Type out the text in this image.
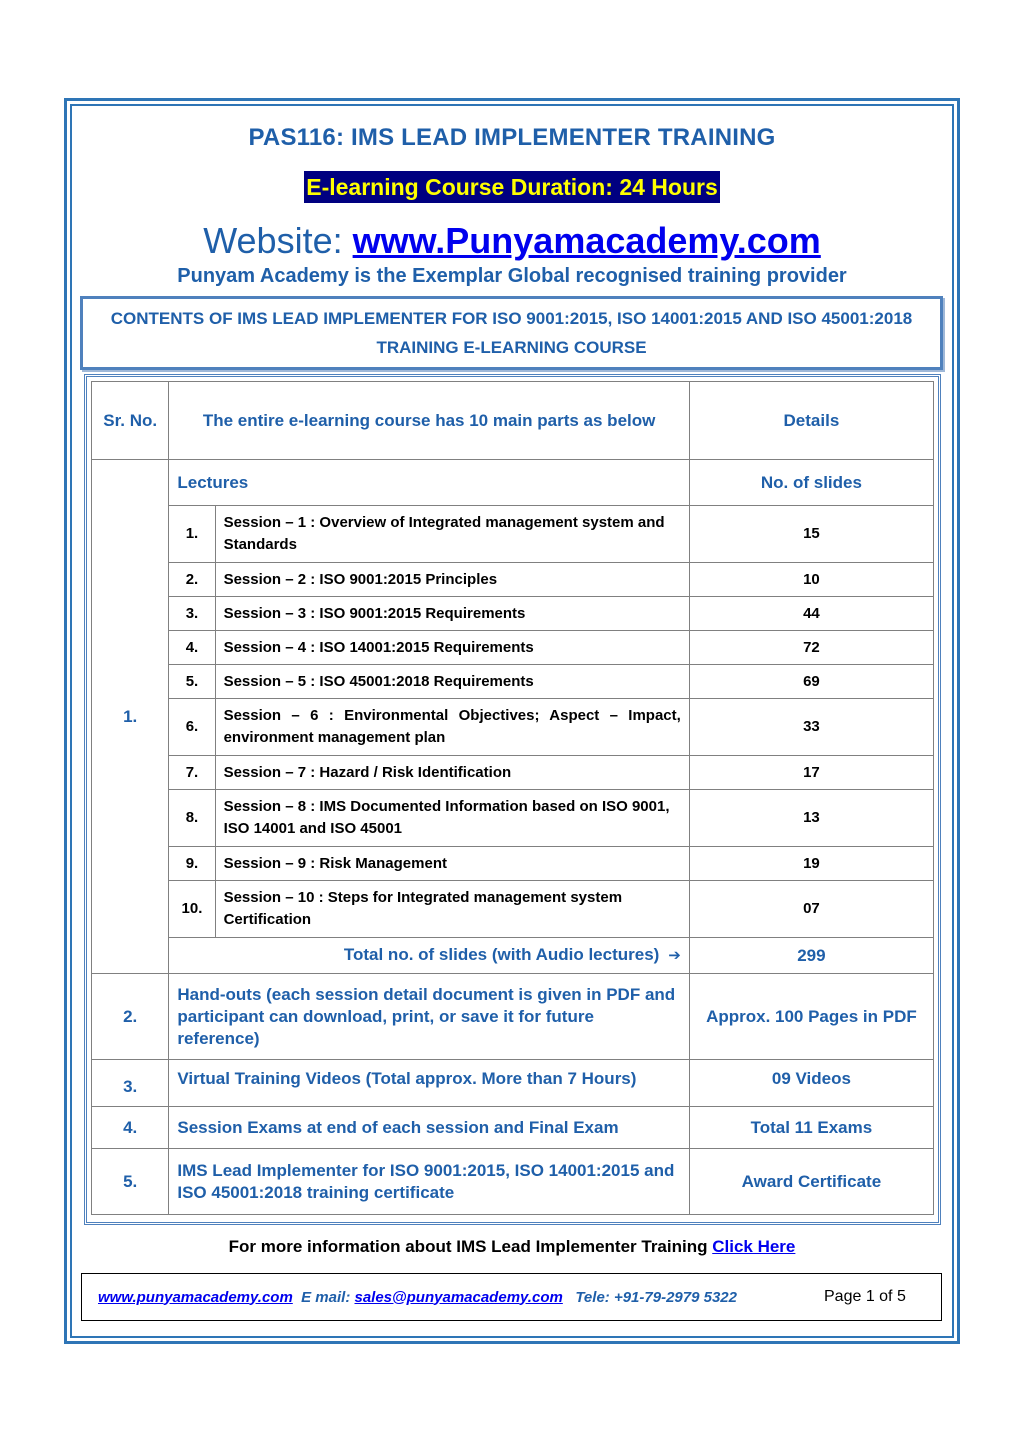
PAS116: IMS LEAD IMPLEMENTER TRAINING
E-learning Course Duration: 24 Hours
Website: www.Punyamacademy.com
Punyam Academy is the Exemplar Global recognised training provider
CONTENTS OF IMS LEAD IMPLEMENTER FOR ISO 9001:2015, ISO 14001:2015 AND ISO 45001:2018 TRAINING E-LEARNING COURSE
Sr. No.	The entire e-learning course has 10 main parts as below		Details
1.	Lectures		No. of slides
	1.	Session – 1 : Overview of Integrated management system and Standards	15
	2.	Session – 2 : ISO 9001:2015 Principles	10
	3.	Session – 3 : ISO 9001:2015 Requirements	44
	4.	Session – 4 : ISO 14001:2015 Requirements	72
	5.	Session – 5 : ISO 45001:2018 Requirements	69
	6.	Session – 6 : Environmental Objectives; Aspect – Impact, environment management plan	33
	7.	Session – 7 : Hazard / Risk Identification	17
	8.	Session – 8 : IMS Documented Information based on ISO 9001, ISO 14001 and ISO 45001	13
	9.	Session – 9 : Risk Management	19
	10.	Session – 10 : Steps for Integrated management system Certification	07
	Total no. of slides (with Audio lectures)  ➔		299
2.	Hand-outs (each session detail document is given in PDF and participant can download, print, or save it for future reference)		Approx. 100 Pages in PDF
3.	Virtual Training Videos (Total approx. More than 7 Hours)		09 Videos
4.	Session Exams at end of each session and Final Exam		Total 11 Exams
5.	IMS Lead Implementer for ISO 9001:2015, ISO 14001:2015 and ISO 45001:2018 training certificate		Award Certificate
For more information about IMS Lead Implementer Training Click Here
www.punyamacademy.com  E mail: sales@punyamacademy.com   Tele: +91-79-2979 5322	Page 1 of 5
